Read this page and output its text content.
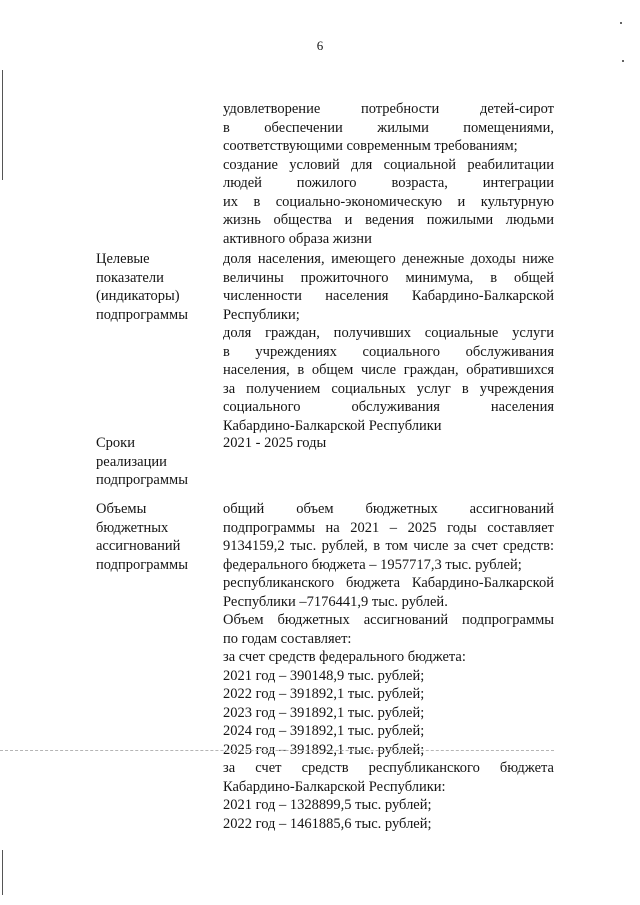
6
удовлетворение потребности детей-сирот
в обеспечении жилыми помещениями,
соответствующими современным требованиям;
создание условий для социальной реабилитации
людей пожилого возраста, интеграции
их в социально-экономическую и культурную
жизнь общества и ведения пожилыми людьми
активного образа жизни
Целевые
показатели
(индикаторы)
подпрограммы
доля населения, имеющего денежные доходы ниже
величины прожиточного минимума, в общей
численности населения Кабардино-Балкарской
Республики;
доля граждан, получивших социальные услуги
в учреждениях социального обслуживания
населения, в общем числе граждан, обратившихся
за получением социальных услуг в учреждения
социального обслуживания населения
Кабардино-Балкарской Республики
Сроки
реализации
подпрограммы
2021 - 2025 годы
Объемы
бюджетных
ассигнований
подпрограммы
общий объем бюджетных ассигнований
подпрограммы на 2021 – 2025 годы составляет
9134159,2 тыс. рублей, в том числе за счет средств:
федерального бюджета – 1957717,3 тыс. рублей;
республиканского бюджета Кабардино-Балкарской
Республики –7176441,9 тыс. рублей.
Объем бюджетных ассигнований подпрограммы
по годам составляет:
за счет средств федерального бюджета:
2021 год – 390148,9 тыс. рублей;
2022 год – 391892,1 тыс. рублей;
2023 год – 391892,1 тыс. рублей;
2024 год – 391892,1 тыс. рублей;
2025 год – 391892,1 тыс. рублей;
за счет средств республиканского бюджета
Кабардино-Балкарской Республики:
2021 год – 1328899,5 тыс. рублей;
2022 год – 1461885,6 тыс. рублей;
